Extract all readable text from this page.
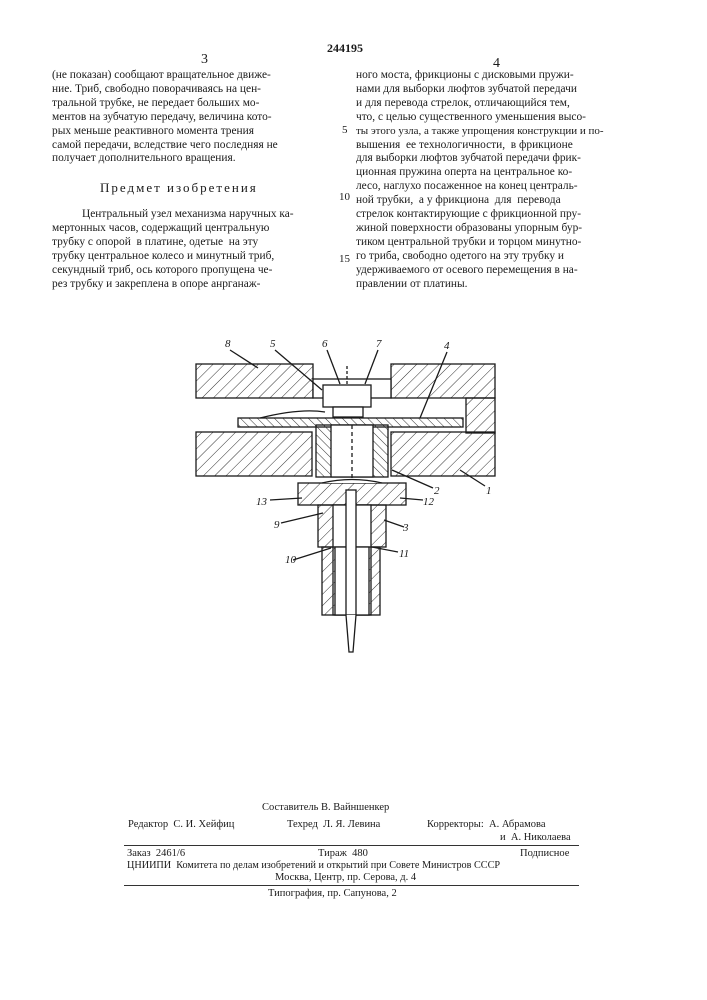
3
244195
4
(не показан) сообщают вращательное движе-
ние. Триб, свободно поворачиваясь на цен-
тральной трубке, не передает больших мо-
ментов на зубчатую передачу, величина кото-
рых меньше реактивного момента трения
самой передачи, вследствие чего последняя не
получает дополнительного вращения.
Предмет изобретения
Центральный узел механизма наручных ка-
мертонных часов, содержащий центральную
трубку с опорой  в платине, одетые  на эту
трубку центральное колесо и минутный триб,
секундный триб, ось которого пропущена че-
рез трубку и закреплена в опоре анрганаж-
5
10
15
ного моста, фрикционы с дисковыми пружи-
нами для выборки люфтов зубчатой передачи
и для перевода стрелок, отличающийся тем,
что, с целью существенного уменьшения высо-
ты этого узла, а также упрощения конструкции и по-
вышения  ее технологичности,  в фрикционе
для выборки люфтов зубчатой передачи фрик-
ционная пружина оперта на центральное ко-
лесо, наглухо посаженное на конец централь-
ной трубки,  а у фрикциона  для  перевода
стрелок контактирующие с фрикционной пру-
жиной поверхности образованы упорным бур-
тиком центральной трубки и торцом минутно-
го триба, свободно одетого на эту трубку и
удерживаемого от осевого перемещения в на-
правлении от платины.
8	5	6	7	4
2	1
13	12
9	3
10	11
Составитель В. Вайншенкер
Редактор  С. И. Хейфиц	Техред  Л. Я. Левина	Корректоры:  А. Абрамова
и  А. Николаева
Заказ  2461/6	Тираж  480	Подписное
ЦНИИПИ  Комитета по делам изобретений и открытий при Совете Министров СССР
Москва, Центр, пр. Серова, д. 4
Типография, пр. Сапунова, 2
